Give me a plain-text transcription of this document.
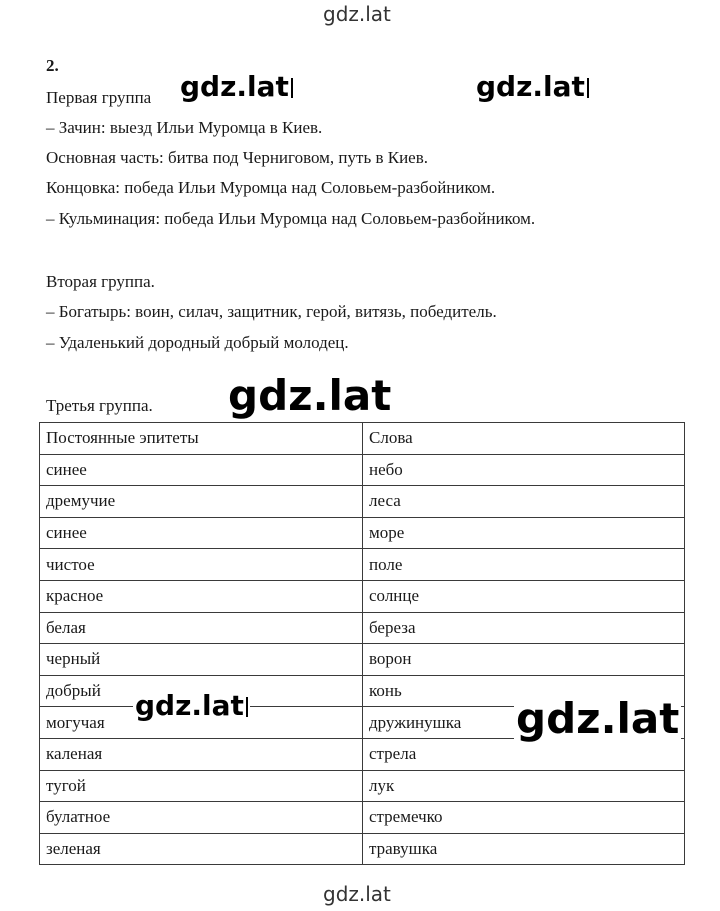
gdz.lat
gdz.lat	gdz.lat
gdz.lat
gdz.lat
2.
Первая группа
– Зачин: выезд Ильи Муромца в Киев.
Основная часть: битва под Черниговом, путь в Киев.
Концовка: победа Ильи Муромца над Соловьем-разбойником.
– Кульминация: победа Ильи Муромца над Соловьем-разбойником.
Вторая группа.
– Богатырь: воин, силач, защитник, герой, витязь, победитель.
– Удаленький дородный добрый молодец.
Третья группа.
Постоянные эпитеты	Слова
синее	небо
дремучие	леса
синее	море
чистое	поле
красное	солнце
белая	береза
черный	ворон
добрый	конь
могучая	дружинушка
каленая	стрела
тугой	лук
булатное	стремечко
зеленая	травушка
gdz.lat	gdz.lat
